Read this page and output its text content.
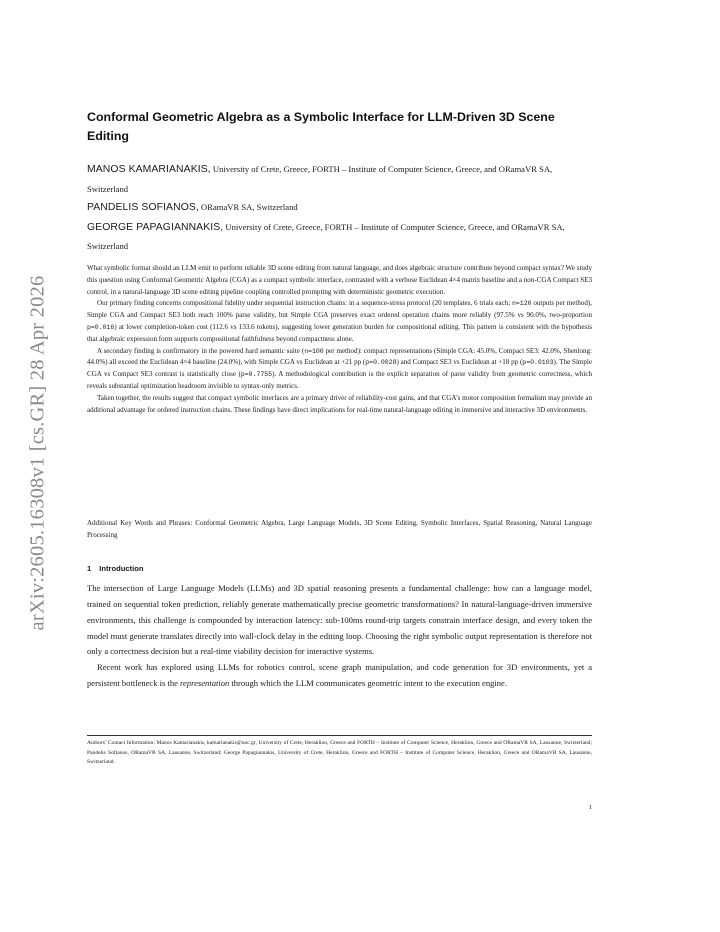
arXiv:2605.16308v1 [cs.GR] 28 Apr 2026
Conformal Geometric Algebra as a Symbolic Interface for LLM-Driven 3D Scene Editing
MANOS KAMARIANAKIS, University of Crete, Greece, FORTH – Institute of Computer Science, Greece, and ORamaVR SA, Switzerland
PANDELIS SOFIANOS, ORamaVR SA, Switzerland
GEORGE PAPAGIANNAKIS, University of Crete, Greece, FORTH – Institute of Computer Science, Greece, and ORamaVR SA, Switzerland

What symbolic format should an LLM emit to perform reliable 3D scene editing from natural language, and does algebraic structure contribute beyond compact syntax? We study this question using Conformal Geometric Algebra (CGA) as a compact symbolic interface, contrasted with a verbose Euclidean 4×4 matrix baseline and a non-CGA Compact SE3 control, in a natural-language 3D scene editing pipeline coupling controlled prompting with deterministic geometric execution.

Our primary finding concerns compositional fidelity under sequential instruction chains: in a sequence-stress protocol (20 templates, 6 trials each; n=120 outputs per method), Simple CGA and Compact SE3 both reach 100% parse validity, but Simple CGA preserves exact ordered operation chains more reliably (97.5% vs 90.0%, two-proportion p=0.016) at lower completion-token cost (112.6 vs 133.6 tokens), suggesting lower generation burden for compositional editing. This pattern is consistent with the hypothesis that algebraic expression form supports compositional faithfulness beyond compactness alone.

A secondary finding is confirmatory in the powered hard semantic suite (n=100 per method): compact representations (Simple CGA: 45.0%, Compact SE3: 42.0%, Shenlong: 44.0%) all exceed the Euclidean 4×4 baseline (24.0%), with Simple CGA vs Euclidean at +21 pp (p=0.0028) and Compact SE3 vs Euclidean at +18 pp (p=0.0103). The Simple CGA vs Compact SE3 contrast is statistically close (p=0.7755). A methodological contribution is the explicit separation of parse validity from geometric correctness, which reveals substantial optimization headroom invisible to syntax-only metrics.

Taken together, the results suggest that compact symbolic interfaces are a primary driver of reliability-cost gains, and that CGA’s motor composition formalism may provide an additional advantage for ordered instruction chains. These findings have direct implications for real-time natural-language editing in immersive and interactive 3D environments.

Additional Key Words and Phrases: Conformal Geometric Algebra, Large Language Models, 3D Scene Editing, Symbolic Interfaces, Spatial Reasoning, Natural Language Processing
1 Introduction

The intersection of Large Language Models (LLMs) and 3D spatial reasoning presents a fundamental challenge: how can a language model, trained on sequential token prediction, reliably generate mathematically precise geometric transformations? In natural-language-driven immersive environments, this challenge is compounded by interaction latency: sub-100ms round-trip targets constrain interface design, and every token the model must generate translates directly into wall-clock delay in the editing loop. Choosing the right symbolic output representation is therefore not only a correctness decision but a real-time viability decision for interactive systems.

Recent work has explored using LLMs for robotics control, scene graph manipulation, and code generation for 3D environments, yet a persistent bottleneck is the representation through which the LLM communicates geometric intent to the execution engine.

Authors’ Contact Information: Manos Kamarianakis, kamarianakis@uoc.gr, University of Crete, Heraklion, Greece and FORTH – Institute of Computer Science, Heraklion, Greece and ORamaVR SA, Lausanne, Switzerland; Pandelis Sofianos, ORamaVR SA, Lausanne, Switzerland; George Papagiannakis, University of Crete, Heraklion, Greece and FORTH – Institute of Computer Science, Heraklion, Greece and ORamaVR SA, Lausanne, Switzerland.
1
